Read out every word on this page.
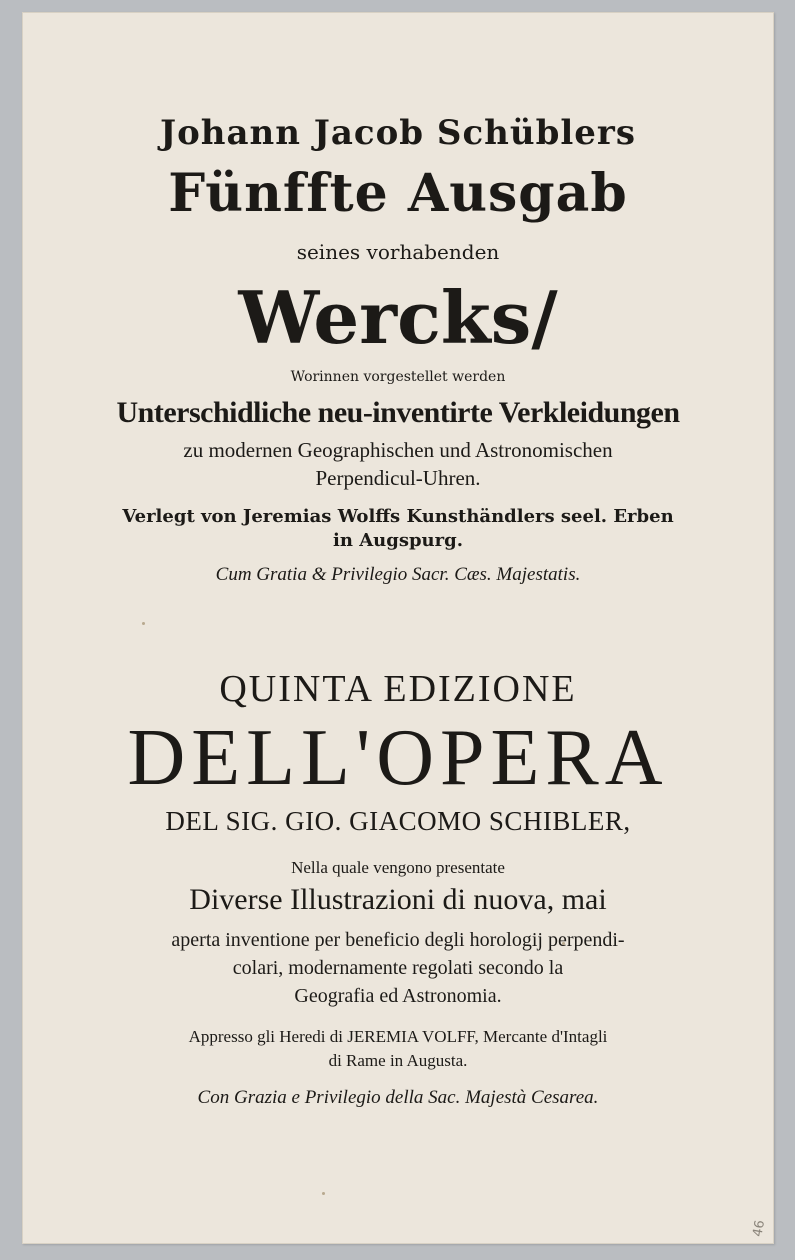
Johann Jacob Schüblers
Fünffte Ausgab
seines vorhabenden
Wercks/
Worinnen vorgestellet werden
Unterschidliche neu-inventirte Verkleidungen
zu modernen Geographischen und Astronomischen
Perpendicul-Uhren.
Verlegt von Jeremias Wolffs Kunsthändlers seel. Erben
in Augspurg.
Cum Gratia & Privilegio Sacr. Cæs. Majestatis.
QUINTA EDIZIONE
DELL'OPERA
DEL SIG. GIO. GIACOMO SCHIBLER,
Nella quale vengono presentate
Diverse Illustrazioni di nuova, mai
aperta inventione per beneficio degli horologij perpendi-
colari, modernamente regolati secondo la
Geografia ed Astronomia.
Appresso gli Heredi di JEREMIA VOLFF, Mercante d'Intagli
di Rame in Augusta.
Con Grazia e Privilegio della Sac. Majestà Cesarea.
46
